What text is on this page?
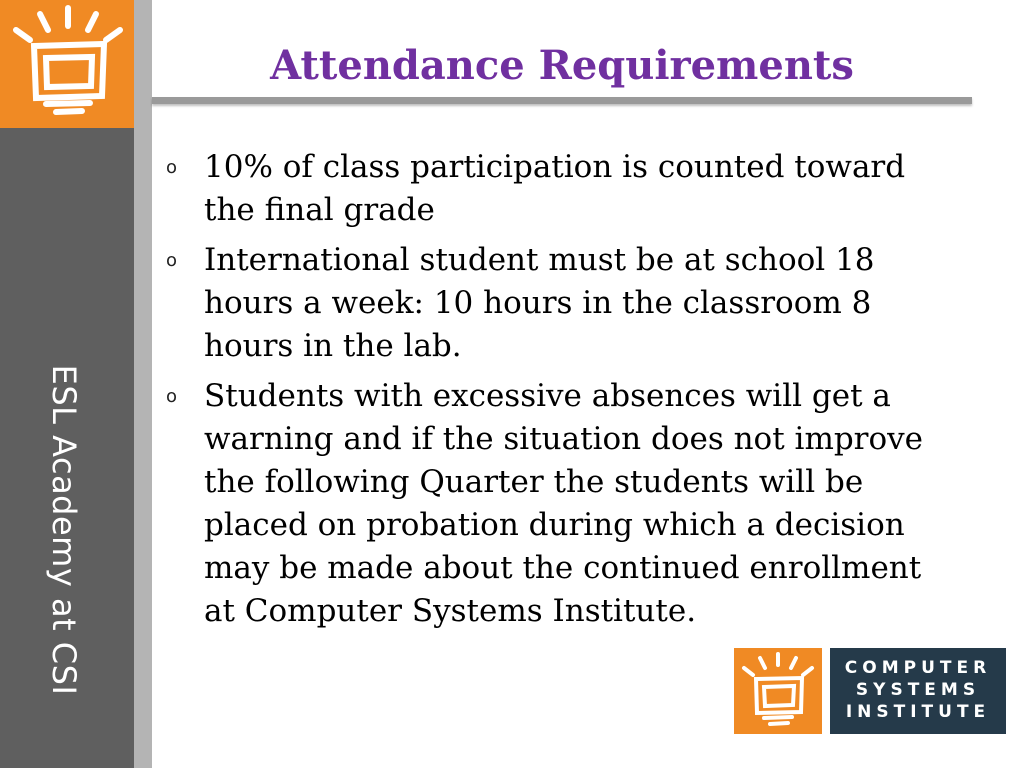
ESL Academy at CSI
Attendance Requirements
o 10% of class participation is counted toward the final grade
o International student must be at school 18 hours a week: 10 hours in the classroom 8 hours in the lab.
o Students with excessive absences will get a warning and if the situation does not improve the following Quarter the students will be placed on probation during which a decision may be made about the continued enrollment at Computer Systems Institute.
COMPUTER
SYSTEMS
INSTITUTE
